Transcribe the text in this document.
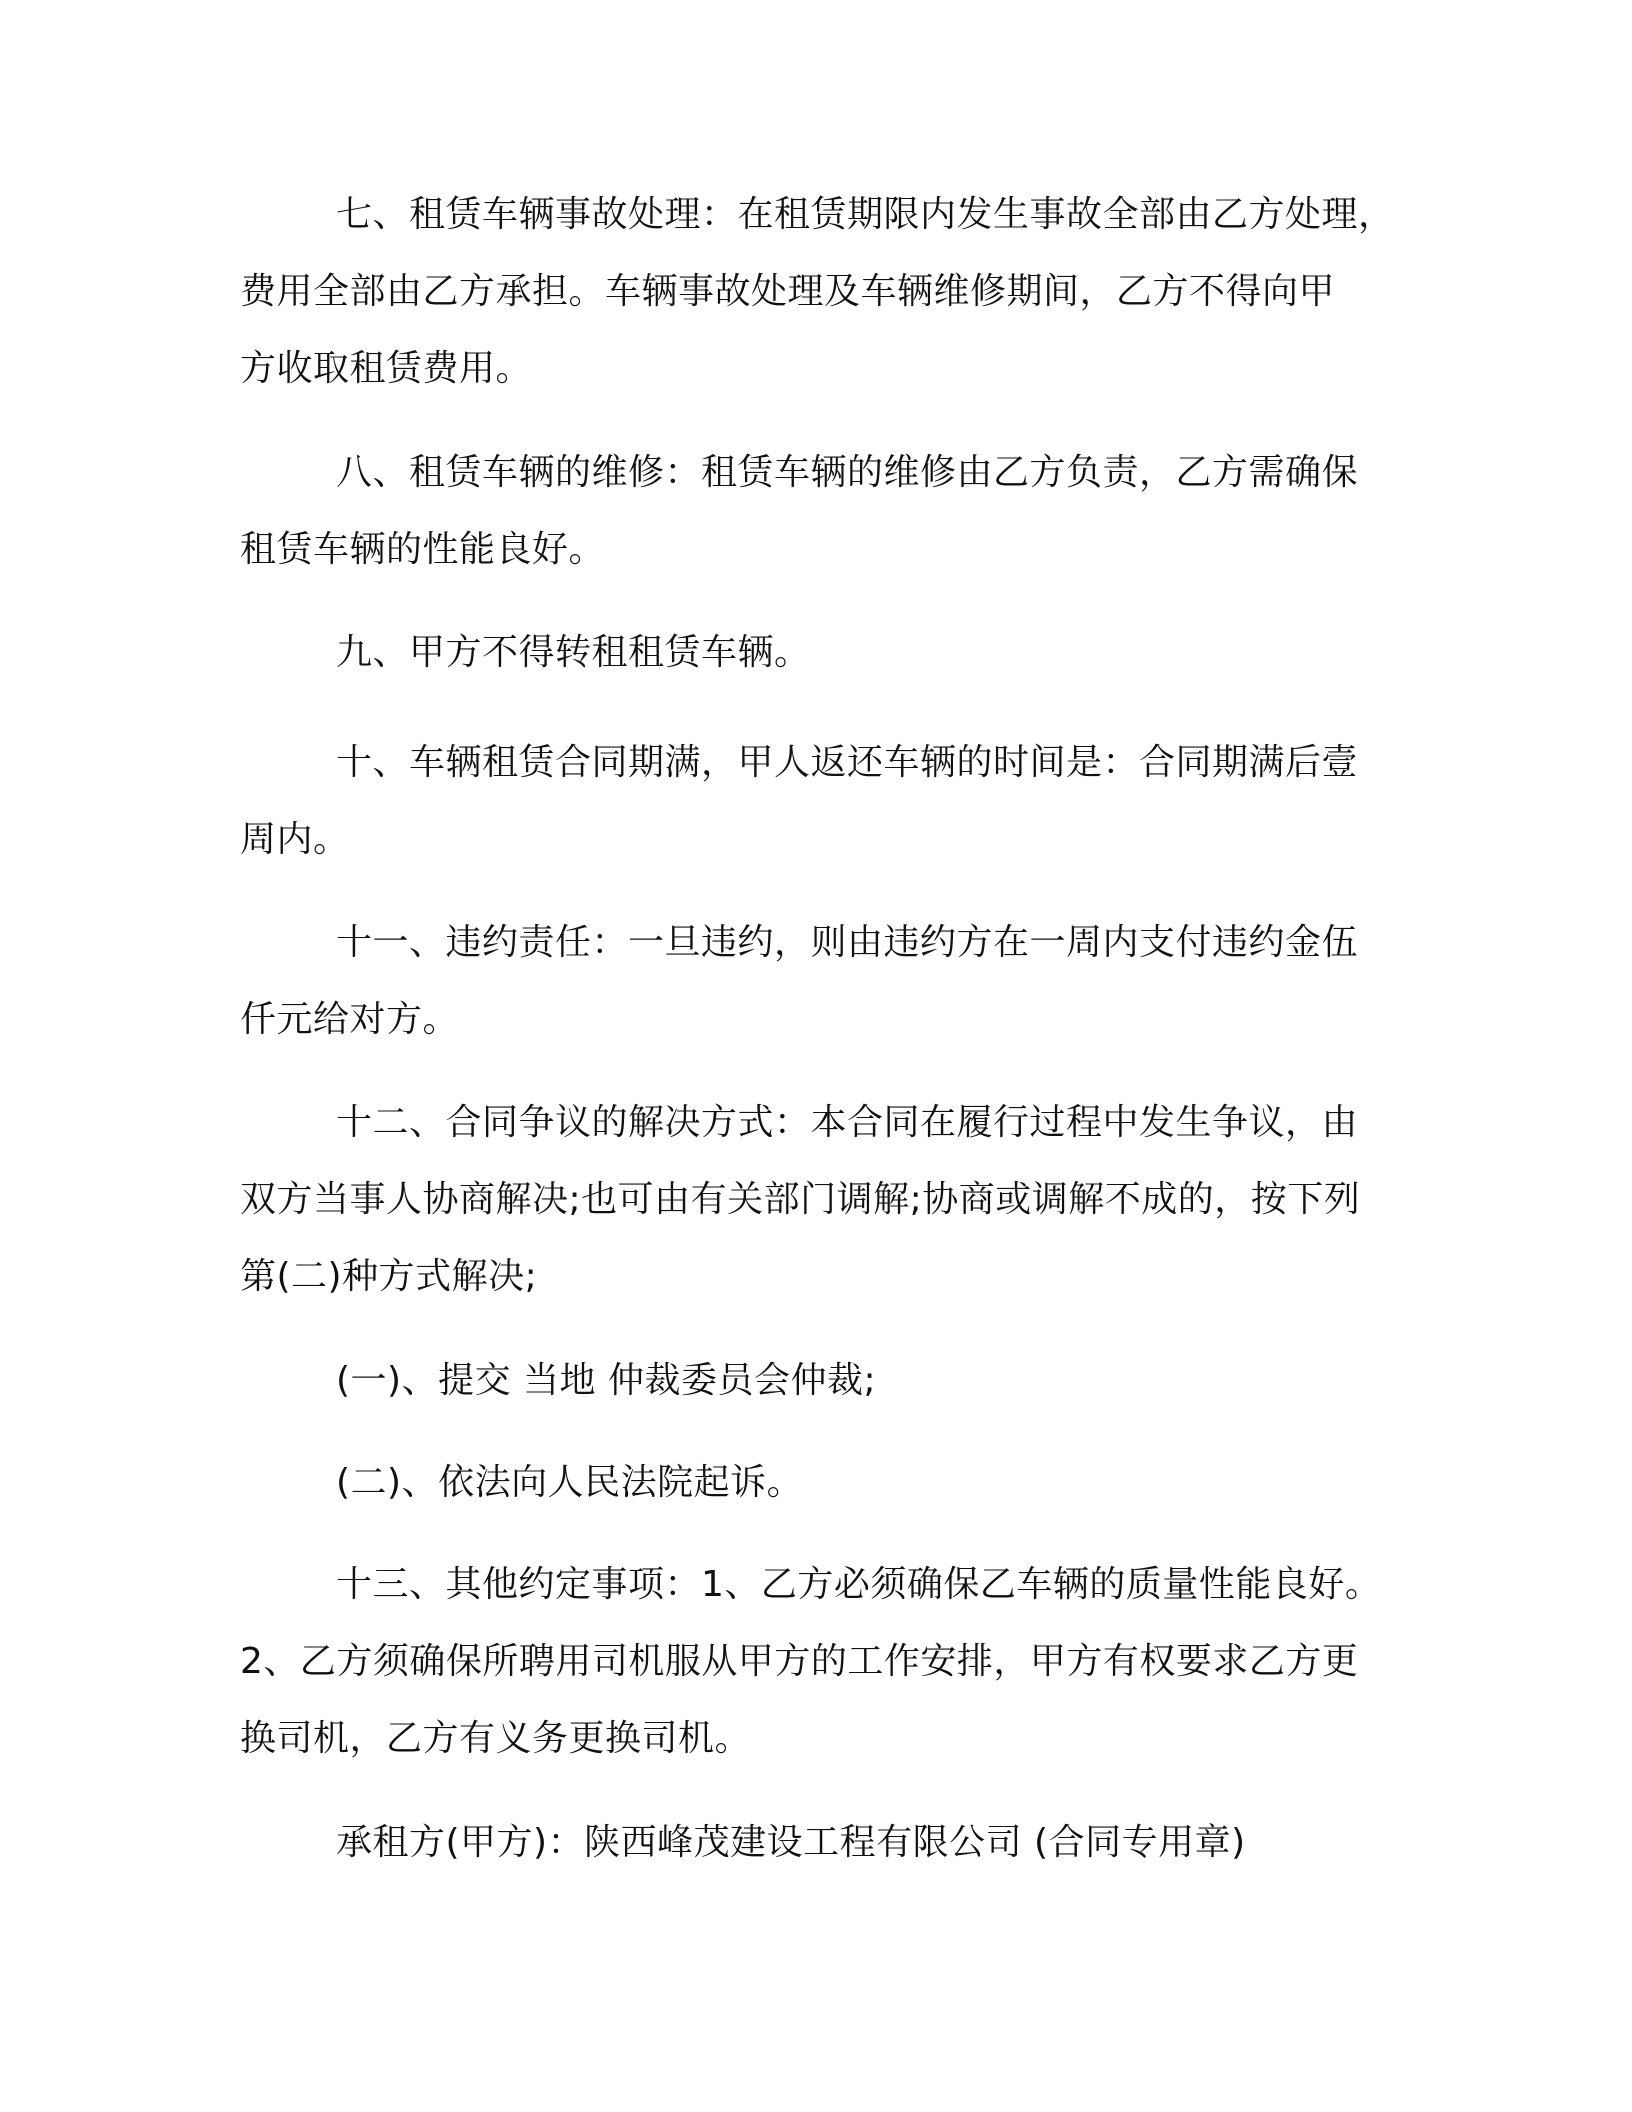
七、租赁车辆事故处理：在租赁期限内发生事故全部由乙方处理，
费用全部由乙方承担。车辆事故处理及车辆维修期间，乙方不得向甲
方收取租赁费用。
八、租赁车辆的维修：租赁车辆的维修由乙方负责，乙方需确保
租赁车辆的性能良好。
九、甲方不得转租租赁车辆。
十、车辆租赁合同期满，甲人返还车辆的时间是：合同期满后壹
周内。
十一、违约责任：一旦违约，则由违约方在一周内支付违约金伍
仟元给对方。
十二、合同争议的解决方式：本合同在履行过程中发生争议，由
双方当事人协商解决;也可由有关部门调解;协商或调解不成的，按下列
第(二)种方式解决;
(一)、提交 当地 仲裁委员会仲裁;
(二)、依法向人民法院起诉。
十三、其他约定事项：1、乙方必须确保乙车辆的质量性能良好。
2、乙方须确保所聘用司机服从甲方的工作安排，甲方有权要求乙方更
换司机，乙方有义务更换司机。
承租方(甲方)：陕西峰茂建设工程有限公司 (合同专用章)
